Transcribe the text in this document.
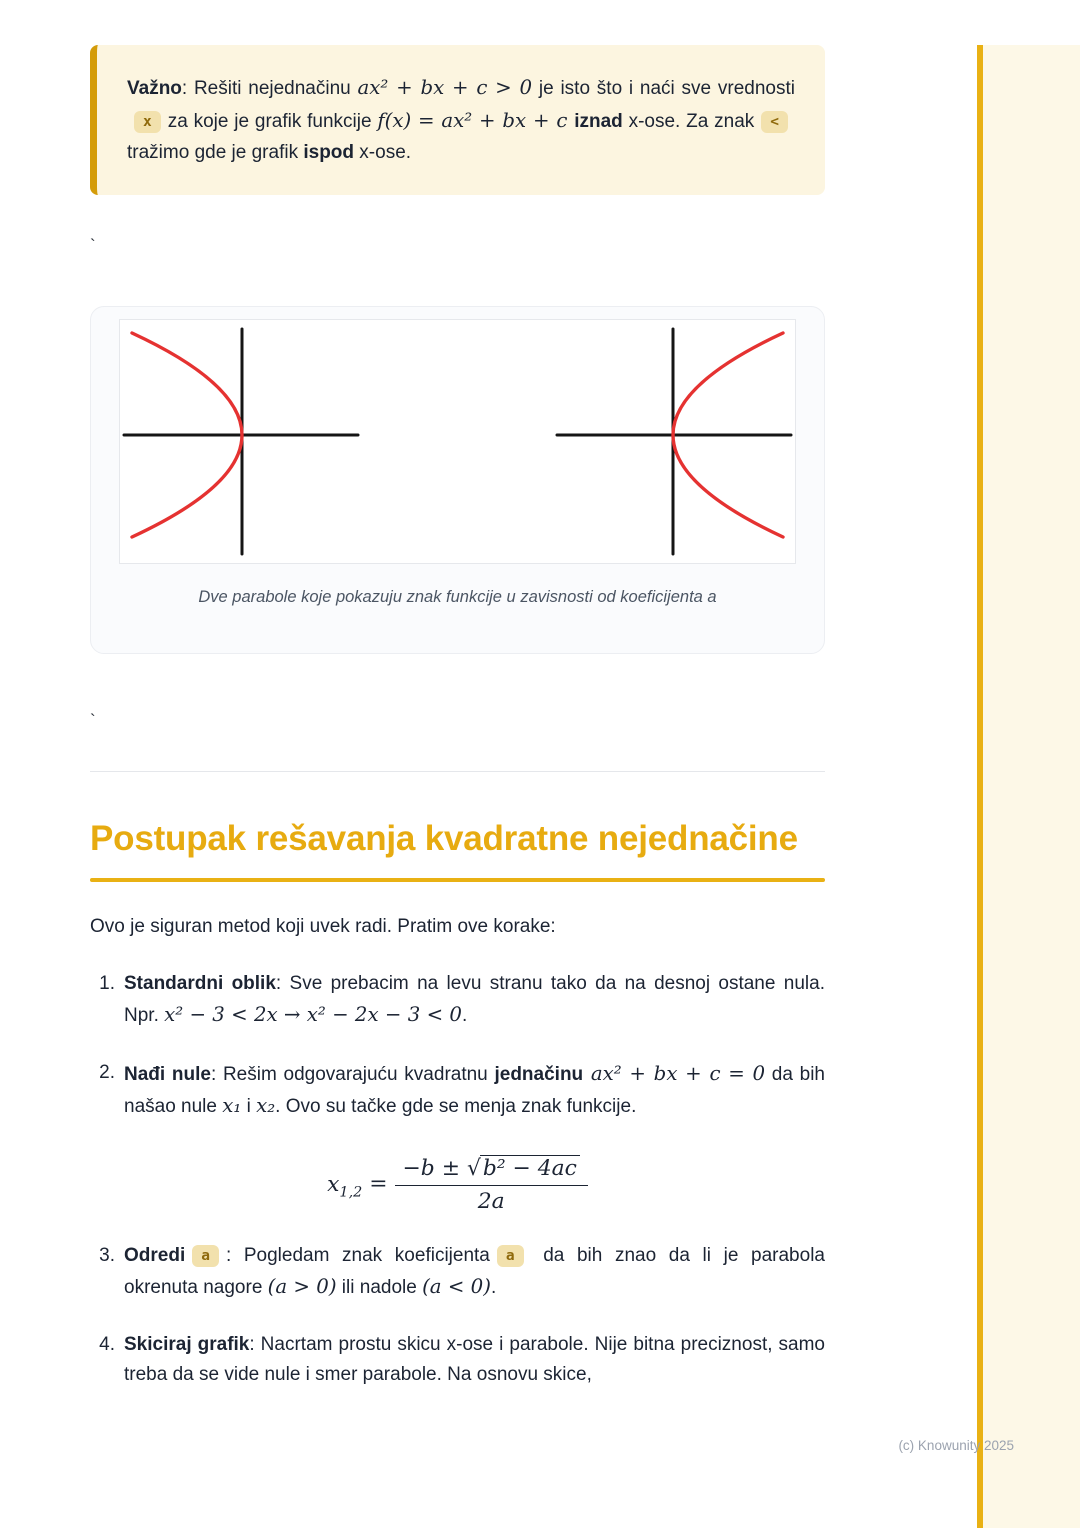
Važno: Rešiti nejednačinu ax² + bx + c > 0 je isto što i naći sve vrednostix za koje je grafik funkcije f(x) = ax² + bx + c iznad x-ose. Za znak <tražimo gde je grafik ispod x-ose.

`

Dve parabole koje pokazuju znak funkcije u zavisnosti od koeficijenta a

`

Postupak rešavanja kvadratne nejednačine

Ovo je siguran metod koji uvek radi. Pratim ove korake:

1. Standardni oblik: Sve prebacim na levu stranu tako da na desnoj ostane nula. Npr. x² − 3 < 2x → x² − 2x − 3 < 0.
2. Nađi nule: Rešim odgovarajuću kvadratnu jednačinu ax² + bx + c = 0 da bih našao nule x₁ i x₂. Ovo su tačke gde se menja znak funkcije.
$x_{1,2} = \frac{\text{−b ± √b² − 4ac}}{2a}$
3. Odredi a : Pogledam znak koeficijenta a da bih znao da li je parabola okrenuta nagore (a > 0) ili nadole (a < 0).
4. Skiciraj grafik: Nacrtam prostu skicu x-ose i parabole. Nije bitna preciznost, samo treba da se vide nule i smer parabole. Na osnovu skice,
(c) Knowunity 2025
